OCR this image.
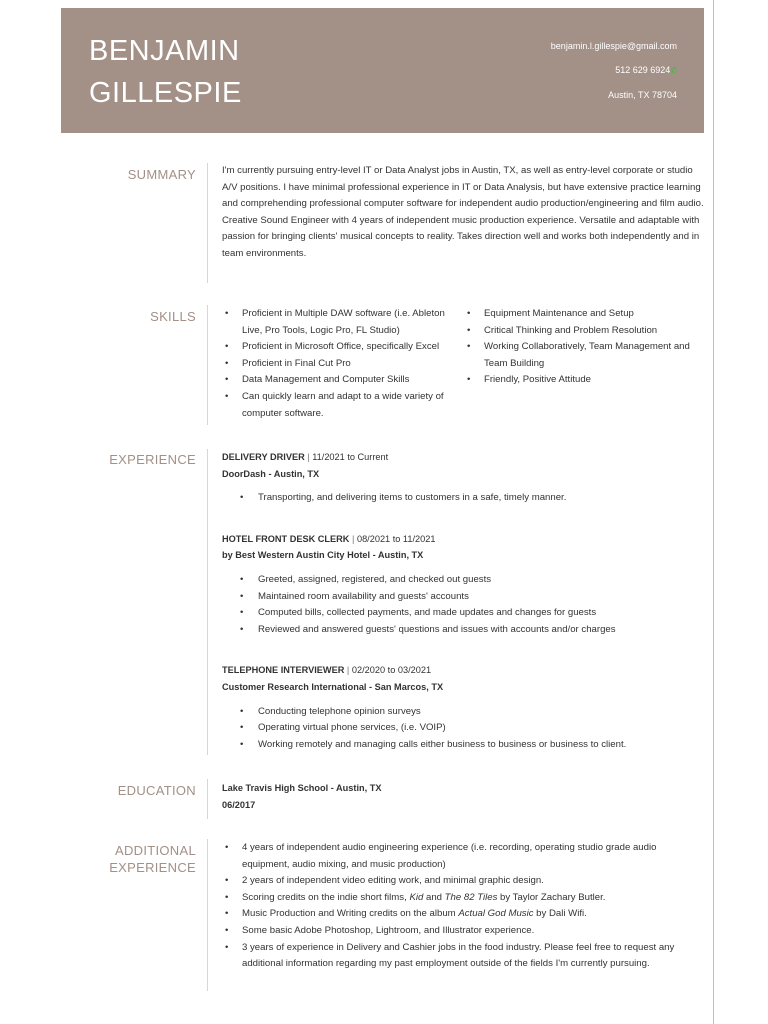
BENJAMIN
GILLESPIE
benjamin.l.gillespie@gmail.com
512 629 6924✆
Austin, TX 78704
SUMMARY	I'm currently pursuing entry-level IT or Data Analyst jobs in Austin, TX, as well as entry-level corporate or studio A/V positions. I have minimal professional experience in IT or Data Analysis, but have extensive practice learning and comprehending professional computer software for independent audio production/engineering and film audio.

Creative Sound Engineer with 4 years of independent music production experience. Versatile and adaptable with passion for bringing clients' musical concepts to reality. Takes direction well and works both independently and in team environments.

SKILLS
•	Proficient in Multiple DAW software (i.e. Ableton Live, Pro Tools, Logic Pro, FL Studio)
• Proficient in Microsoft Office, specifically Excel
• Proficient in Final Cut Pro
• Data Management and Computer Skills
• Can quickly learn and adapt to a wide variety of computer software.
• Equipment Maintenance and Setup
• Critical Thinking and Problem Resolution
• Working Collaboratively, Team Management and Team Building
• Friendly, Positive Attitude
EXPERIENCE	DELIVERY DRIVER | 11/2021 to Current
DoorDash - Austin, TX
• Transporting, and delivering items to customers in a safe, timely manner.
HOTEL FRONT DESK CLERK | 08/2021 to 11/2021
by Best Western Austin City Hotel - Austin, TX
• Greeted, assigned, registered, and checked out guests
• Maintained room availability and guests' accounts
• Computed bills, collected payments, and made updates and changes for guests
• Reviewed and answered guests' questions and issues with accounts and/or charges
TELEPHONE INTERVIEWER | 02/2020 to 03/2021
Customer Research International - San Marcos, TX
• Conducting telephone opinion surveys
• Operating virtual phone services, (i.e. VOIP)
• Working remotely and managing calls either business to business or business to client.
EDUCATION	Lake Travis High School - Austin, TX
06/2017
ADDITIONAL
EXPERIENCE
• 4 years of independent audio engineering experience (i.e. recording, operating studio grade audio equipment, audio mixing, and music production)
• 2 years of independent video editing work, and minimal graphic design.
• Scoring credits on the indie short films, Kid and The 82 Tiles by Taylor Zachary Butler.
• Music Production and Writing credits on the album Actual God Music by Dali Wifi.
• Some basic Adobe Photoshop, Lightroom, and Illustrator experience.
• 3 years of experience in Delivery and Cashier jobs in the food industry. Please feel free to request any additional information regarding my past employment outside of the fields I'm currently pursuing.
